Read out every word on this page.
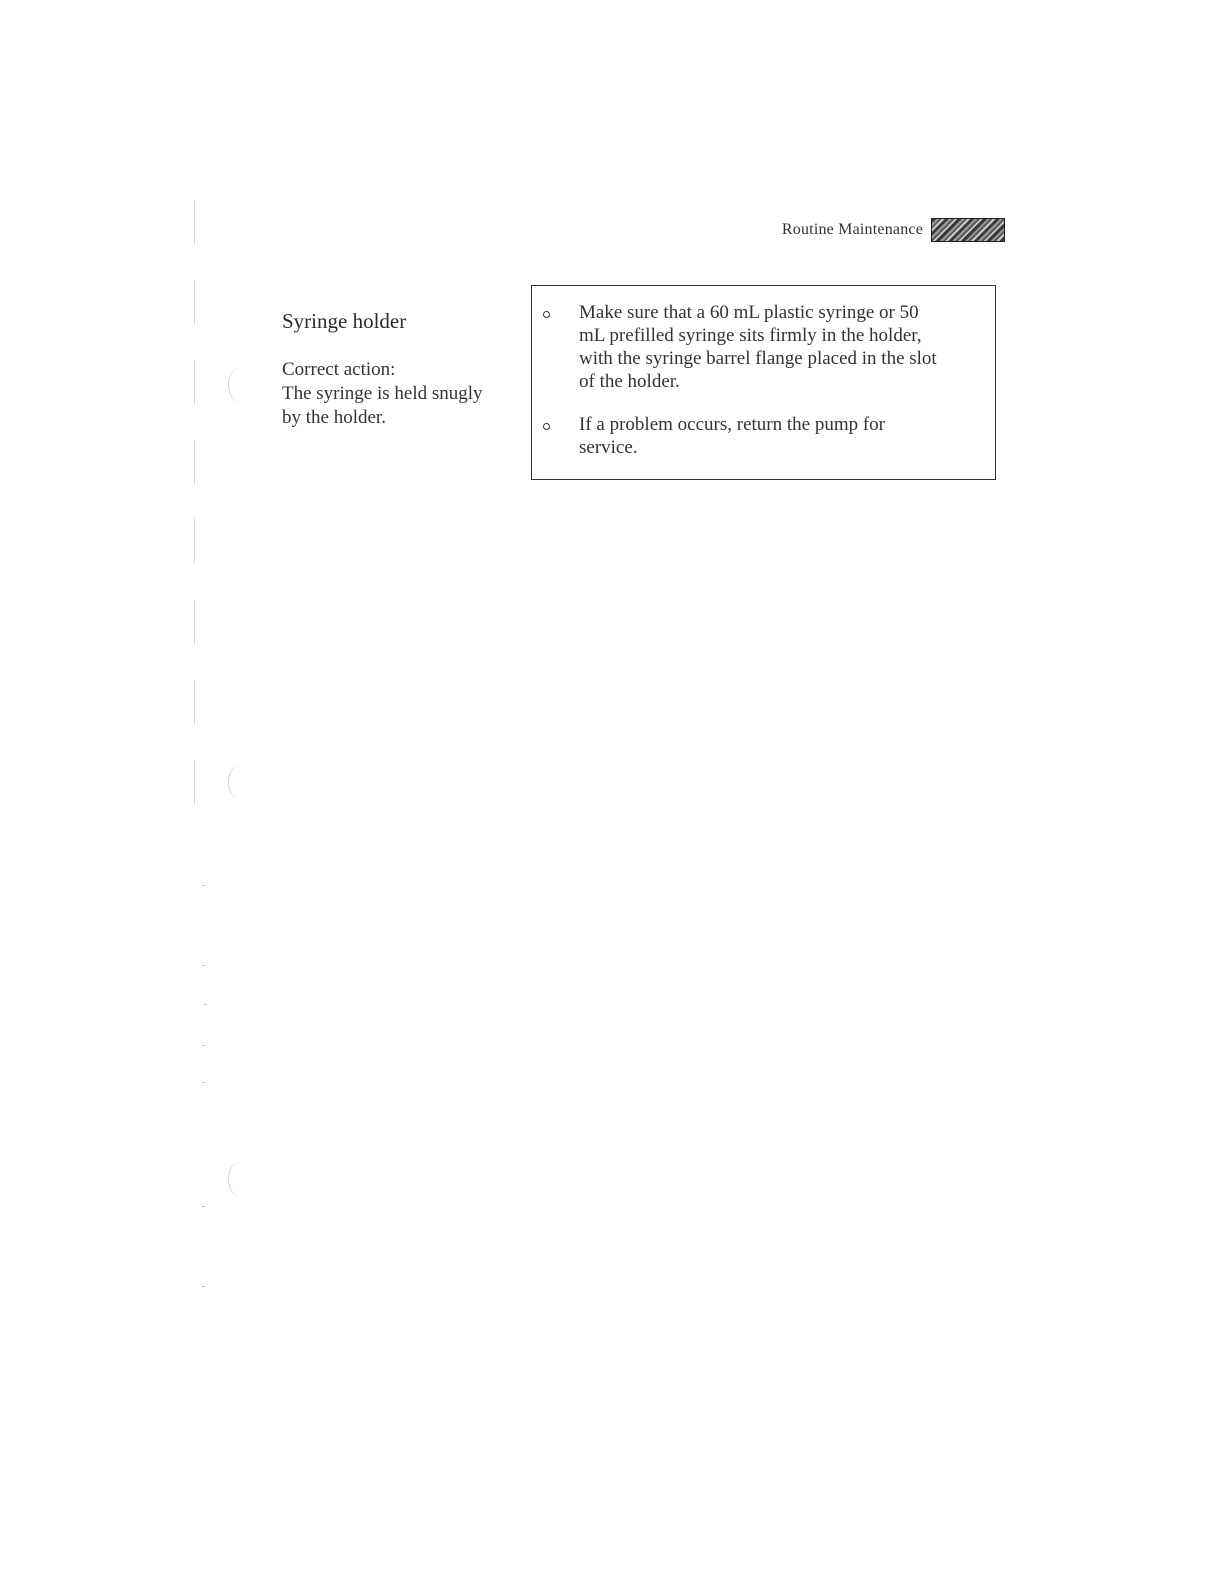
Routine Maintenance
Syringe holder
Correct action:
The syringe is held snugly
by the holder.
Make sure that a 60 mL plastic syringe or 50
mL prefilled syringe sits firmly in the holder,
with the syringe barrel flange placed in the slot
of the holder.
If a problem occurs, return the pump for
service.
